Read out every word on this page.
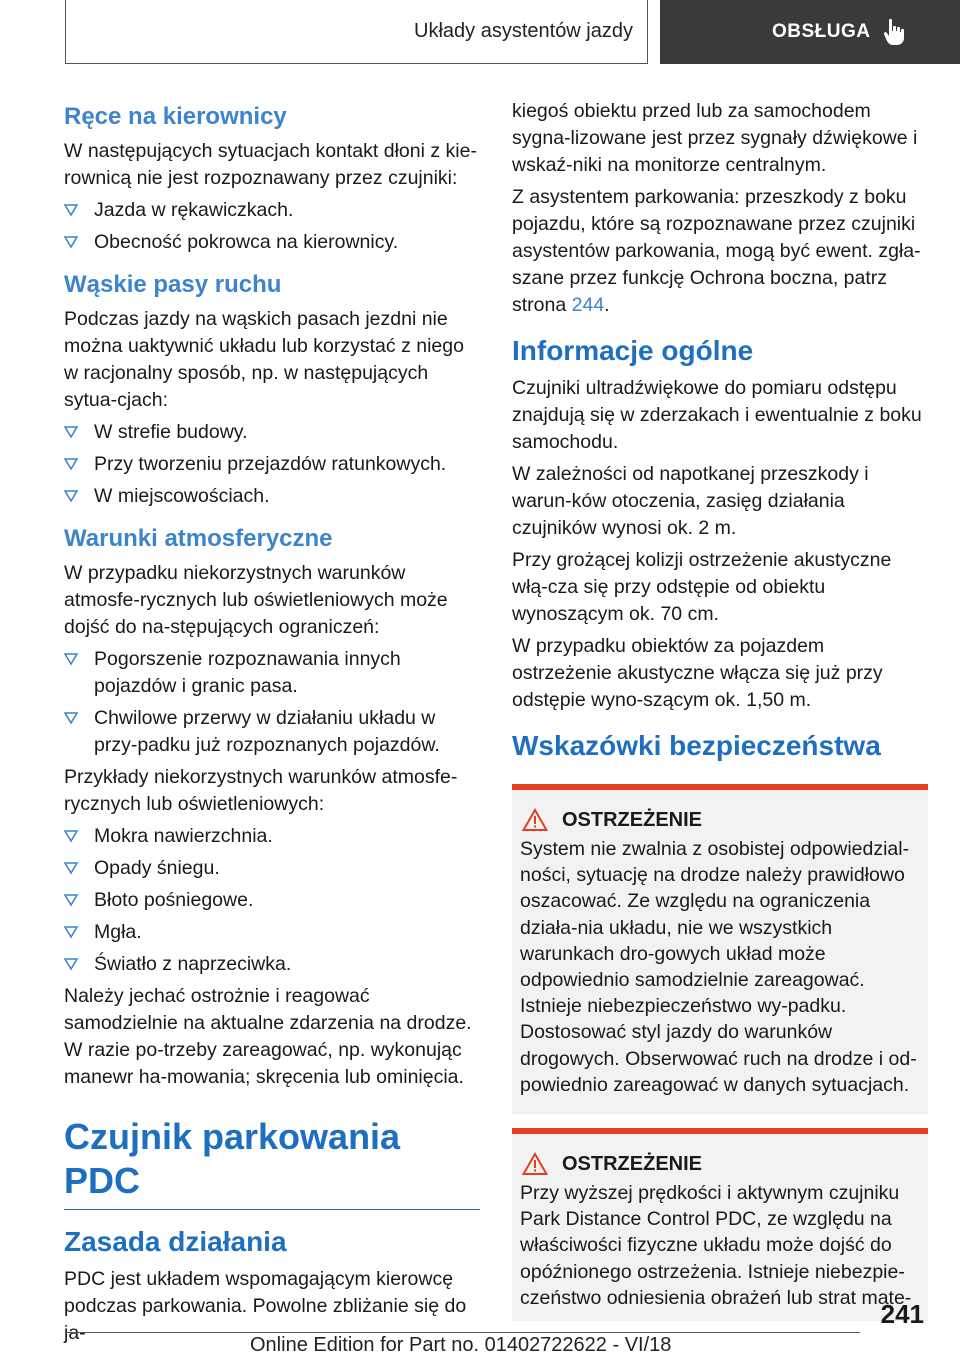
Układy asystentów jazdy	OBSŁUGA
Ręce na kierownicy

W następujących sytuacjach kontakt dłoni z kie-rownicą nie jest rozpoznawany przez czujniki:

Jazda w rękawiczkach.
Obecność pokrowca na kierownicy.
Wąskie pasy ruchu

Podczas jazdy na wąskich pasach jezdni nie można uaktywnić układu lub korzystać z niego w racjonalny sposób, np. w następujących sytua-cjach:

W strefie budowy.
Przy tworzeniu przejazdów ratunkowych.
W miejscowościach.
Warunki atmosferyczne

W przypadku niekorzystnych warunków atmosfe-rycznych lub oświetleniowych może dojść do na-stępujących ograniczeń:

Pogorszenie rozpoznawania innych pojazdów i granic pasa.
Chwilowe przerwy w działaniu układu w przy-padku już rozpoznanych pojazdów.

Przykłady niekorzystnych warunków atmosfe-rycznych lub oświetleniowych:

Mokra nawierzchnia.
Opady śniegu.
Błoto pośniegowe.
Mgła.
Światło z naprzeciwka.

Należy jechać ostrożnie i reagować samodzielnie na aktualne zdarzenia na drodze. W razie po-trzeby zareagować, np. wykonując manewr ha-mowania; skręcenia lub ominięcia.

Czujnik parkowania PDC
Zasada działania

PDC jest układem wspomagającym kierowcę podczas parkowania. Powolne zbliżanie się do ja-

kiegoś obiektu przed lub za samochodem sygna-lizowane jest przez sygnały dźwiękowe i wskaź-niki na monitorze centralnym.

Z asystentem parkowania: przeszkody z boku pojazdu, które są rozpoznawane przez czujniki asystentów parkowania, mogą być ewent. zgła-szane przez funkcję Ochrona boczna, patrz strona 244.

Informacje ogólne

Czujniki ultradźwiękowe do pomiaru odstępu znajdują się w zderzakach i ewentualnie z boku samochodu.

W zależności od napotkanej przeszkody i warun-ków otoczenia, zasięg działania czujników wynosi ok. 2 m.

Przy grożącej kolizji ostrzeżenie akustyczne włą-cza się przy odstępie od obiektu wynoszącym ok. 70 cm.

W przypadku obiektów za pojazdem ostrzeżenie akustyczne włącza się już przy odstępie wyno-szącym ok. 1,50 m.

Wskazówki bezpieczeństwa
OSTRZEŻENIE

System nie zwalnia z osobistej odpowiedzial-ności, sytuację na drodze należy prawidłowo oszacować. Ze względu na ograniczenia działa-nia układu, nie we wszystkich warunkach dro-gowych układ może odpowiednio samodzielnie zareagować. Istnieje niebezpieczeństwo wy-padku. Dostosować styl jazdy do warunków drogowych. Obserwować ruch na drodze i od-powiednio zareagować w danych sytuacjach.

OSTRZEŻENIE

Przy wyższej prędkości i aktywnym czujniku Park Distance Control PDC, ze względu na właściwości fizyczne układu może dojść do opóźnionego ostrzeżenia. Istnieje niebezpie-czeństwo odniesienia obrażeń lub strat mate-

241
Online Edition for Part no. 01402722622 - VI/18
